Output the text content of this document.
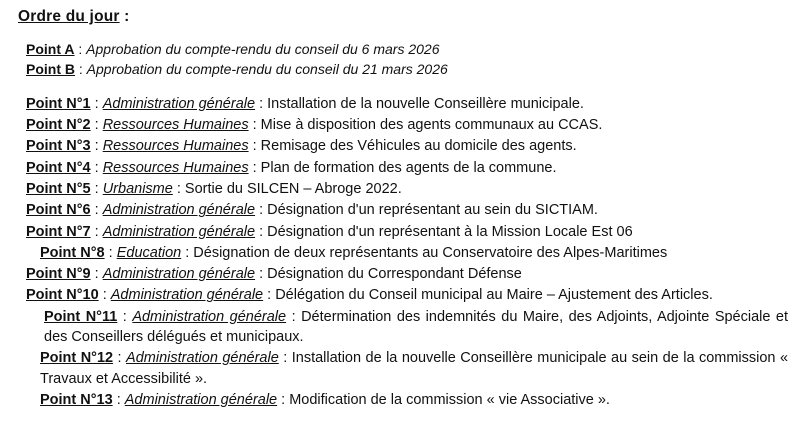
Ordre du jour :
Point A : Approbation du compte-rendu du conseil du 6 mars 2026
Point B : Approbation du compte-rendu du conseil du 21 mars 2026
Point N°1 : Administration générale : Installation de la nouvelle Conseillère municipale.
Point N°2 : Ressources Humaines : Mise à disposition des agents communaux au CCAS.
Point N°3 : Ressources Humaines : Remisage des Véhicules au domicile des agents.
Point N°4 : Ressources Humaines : Plan de formation des agents de la commune.
Point N°5 : Urbanisme : Sortie du SILCEN – Abroge 2022.
Point N°6 : Administration générale : Désignation d'un représentant au sein du SICTIAM.
Point N°7 : Administration générale : Désignation d'un représentant à la Mission Locale Est 06
Point N°8 : Education : Désignation de deux représentants au Conservatoire des Alpes-Maritimes
Point N°9 : Administration générale : Désignation du Correspondant Défense
Point N°10 : Administration générale : Délégation du Conseil municipal au Maire – Ajustement des Articles.
Point N°11 : Administration générale : Détermination des indemnités du Maire, des Adjoints, Adjointe Spéciale et des Conseillers délégués et municipaux.
Point N°12 : Administration générale : Installation de la nouvelle Conseillère municipale au sein de la commission « Travaux et Accessibilité ».
Point N°13 : Administration générale : Modification de la commission « vie Associative ».
